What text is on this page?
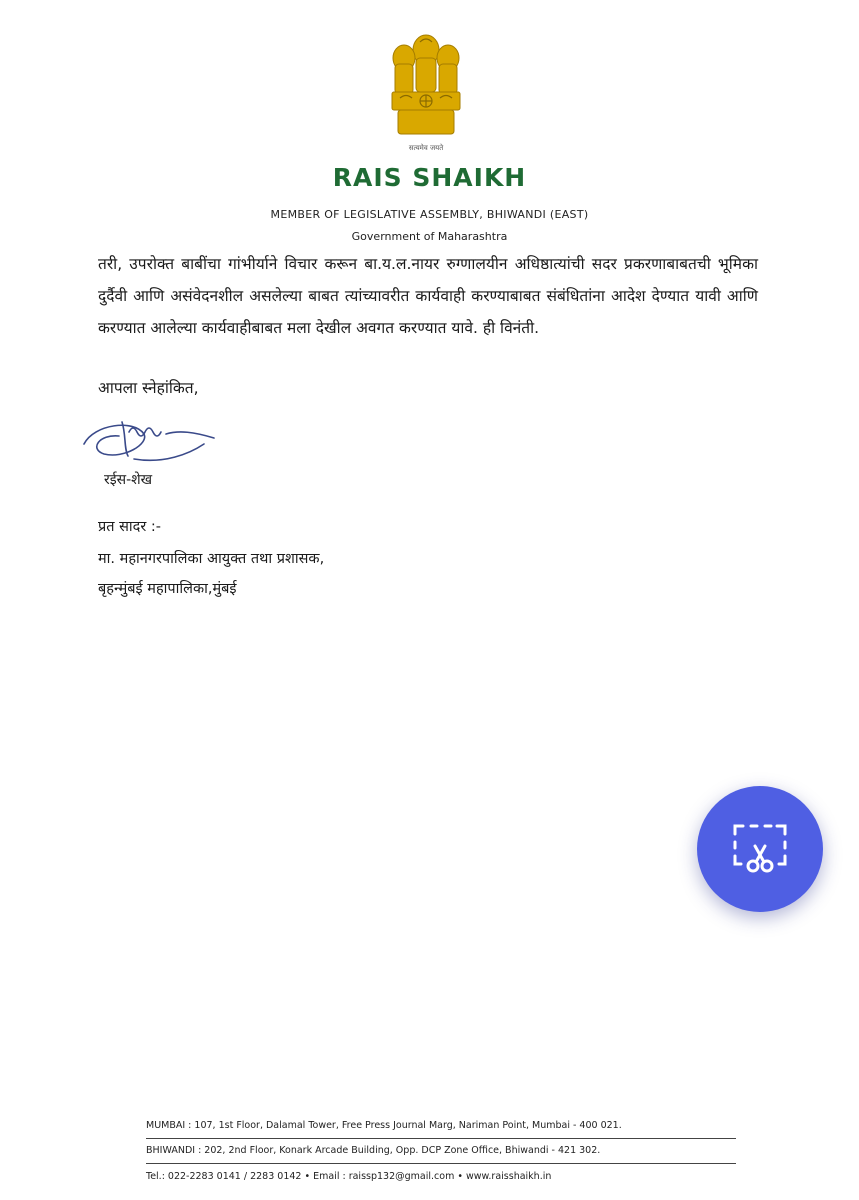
सत्यमेव जयते
RAIS SHAIKH
MEMBER OF LEGISLATIVE ASSEMBLY, BHIWANDI (EAST)
Government of Maharashtra
तरी, उपरोक्त बाबींचा गांभीर्याने विचार करून बा.य.ल.नायर रुग्णालयीन अधिष्ठात्यांची सदर प्रकरणाबाबतची भूमिका दुर्दैवी आणि असंवेदनशील असलेल्या बाबत त्यांच्यावरीत कार्यवाही करण्याबाबत संबंधितांना आदेश देण्यात यावी आणि करण्यात आलेल्या कार्यवाहीबाबत मला देखील अवगत करण्यात यावे. ही विनंती.
आपला स्नेहांकित,
रईस-शेख
प्रत सादर :-
मा. महानगरपालिका आयुक्त तथा प्रशासक,
बृहन्मुंबई महापालिका,मुंबई
MUMBAI : 107, 1st Floor, Dalamal Tower, Free Press Journal Marg, Nariman Point, Mumbai - 400 021.
BHIWANDI : 202, 2nd Floor, Konark Arcade Building, Opp. DCP Zone Office, Bhiwandi - 421 302.
Tel.: 022-2283 0141 / 2283 0142 • Email : raissp132@gmail.com • www.raisshaikh.in
